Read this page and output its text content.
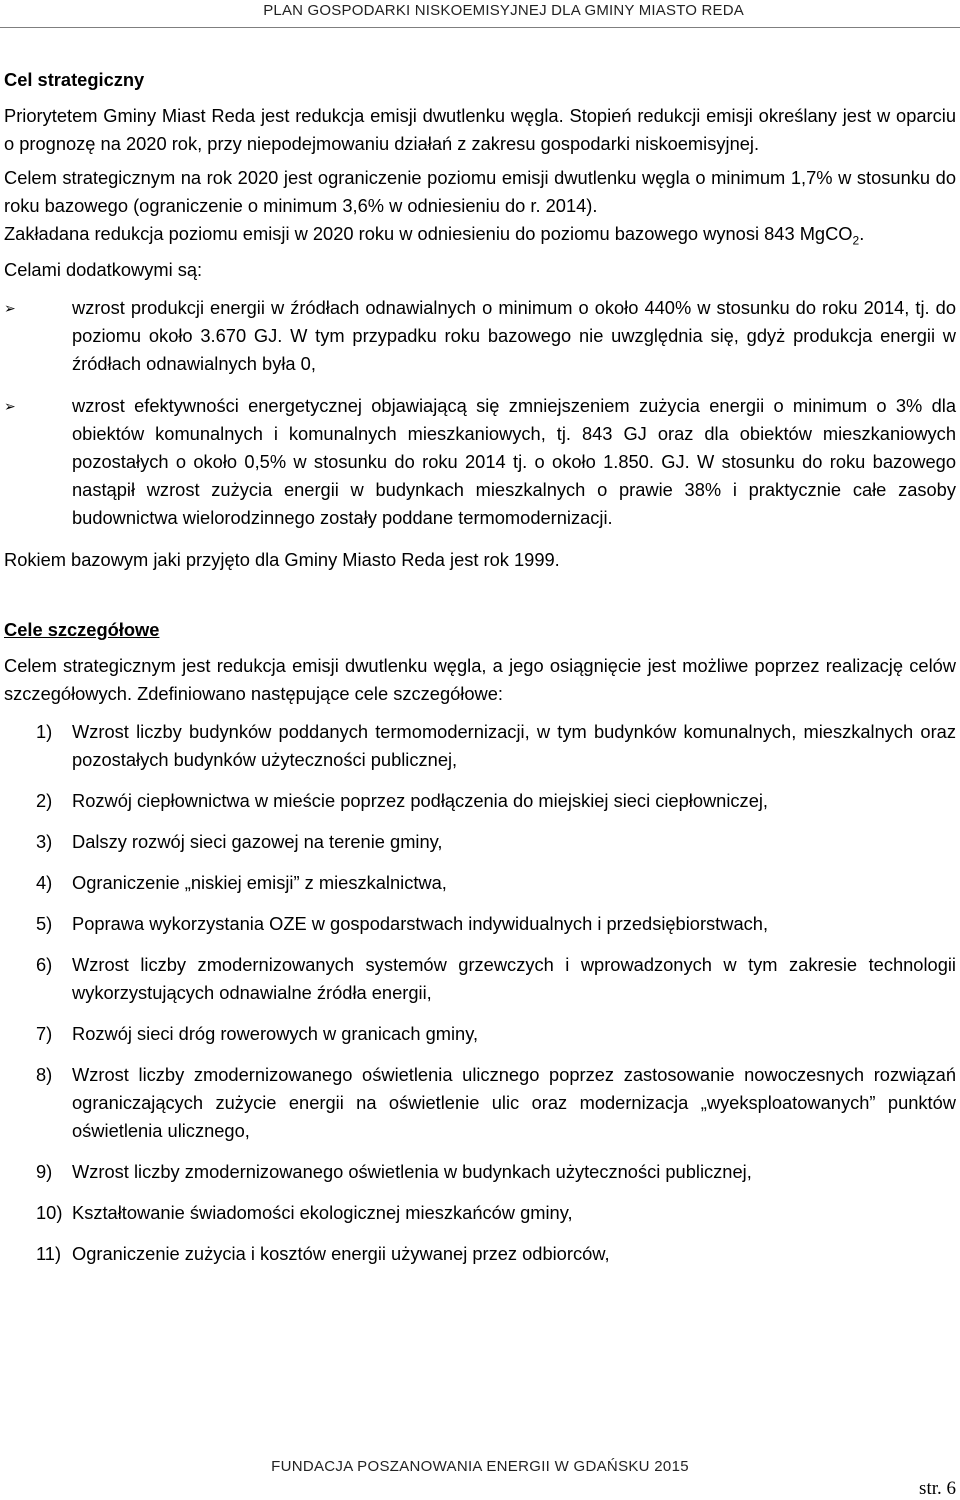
PLAN GOSPODARKI NISKOEMISYJNEJ DLA GMINY MIASTO REDA
Cel strategiczny

Priorytetem Gminy Miast Reda jest redukcja emisji dwutlenku węgla. Stopień redukcji emisji określany jest w oparciu o prognozę na 2020 rok, przy niepodejmowaniu działań z zakresu gospodarki niskoemisyjnej.

Celem strategicznym na rok 2020 jest ograniczenie poziomu emisji dwutlenku węgla o minimum 1,7% w stosunku do roku bazowego (ograniczenie o minimum 3,6% w odniesieniu do r. 2014).

Zakładana redukcja poziomu emisji w 2020 roku w odniesieniu do poziomu bazowego wynosi 843 MgCO$_2$.

Celami dodatkowymi są:

➢	wzrost produkcji energii w źródłach odnawialnych o minimum o około 440% w stosunku do roku 2014, tj. do poziomu około 3.670 GJ. W tym przypadku roku bazowego nie uwzględnia się, gdyż produkcja energii w źródłach odnawialnych była 0,
➢	wzrost efektywności energetycznej objawiającą się zmniejszeniem zużycia energii o minimum o 3% dla obiektów komunalnych i komunalnych mieszkaniowych, tj. 843 GJ oraz dla obiektów mieszkaniowych pozostałych o około 0,5% w stosunku do roku 2014 tj. o około 1.850. GJ. W stosunku do roku bazowego nastąpił wzrost zużycia energii w budynkach mieszkalnych o prawie 38% i praktycznie całe zasoby budownictwa wielorodzinnego zostały poddane termomodernizacji.

Rokiem bazowym jaki przyjęto dla Gminy Miasto Reda jest rok 1999.

Cele szczegółowe

Celem strategicznym jest redukcja emisji dwutlenku węgla, a jego osiągnięcie jest możliwe poprzez realizację celów szczegółowych. Zdefiniowano następujące cele szczegółowe:

1)	Wzrost liczby budynków poddanych termomodernizacji, w tym budynków komunalnych, mieszkalnych oraz pozostałych budynków użyteczności publicznej,
2)	Rozwój ciepłownictwa w mieście poprzez podłączenia do miejskiej sieci ciepłowniczej,
3)	Dalszy rozwój sieci gazowej na terenie gminy,
4)	Ograniczenie „niskiej emisji” z mieszkalnictwa,
5)	Poprawa wykorzystania OZE w gospodarstwach indywidualnych i przedsiębiorstwach,
6)	Wzrost liczby zmodernizowanych systemów grzewczych i wprowadzonych w tym zakresie technologii wykorzystujących odnawialne źródła energii,
7)	Rozwój sieci dróg rowerowych w granicach gminy,
8)	Wzrost liczby zmodernizowanego oświetlenia ulicznego poprzez zastosowanie nowoczesnych rozwiązań ograniczających zużycie energii na oświetlenie ulic oraz modernizacja „wyeksploatowanych” punktów oświetlenia ulicznego,
9)	Wzrost liczby zmodernizowanego oświetlenia w budynkach użyteczności publicznej,
10) Kształtowanie świadomości ekologicznej mieszkańców gminy,
11) Ograniczenie zużycia i kosztów energii używanej przez odbiorców,
FUNDACJA POSZANOWANIA ENERGII W GDAŃSKU 2015
str. 6
